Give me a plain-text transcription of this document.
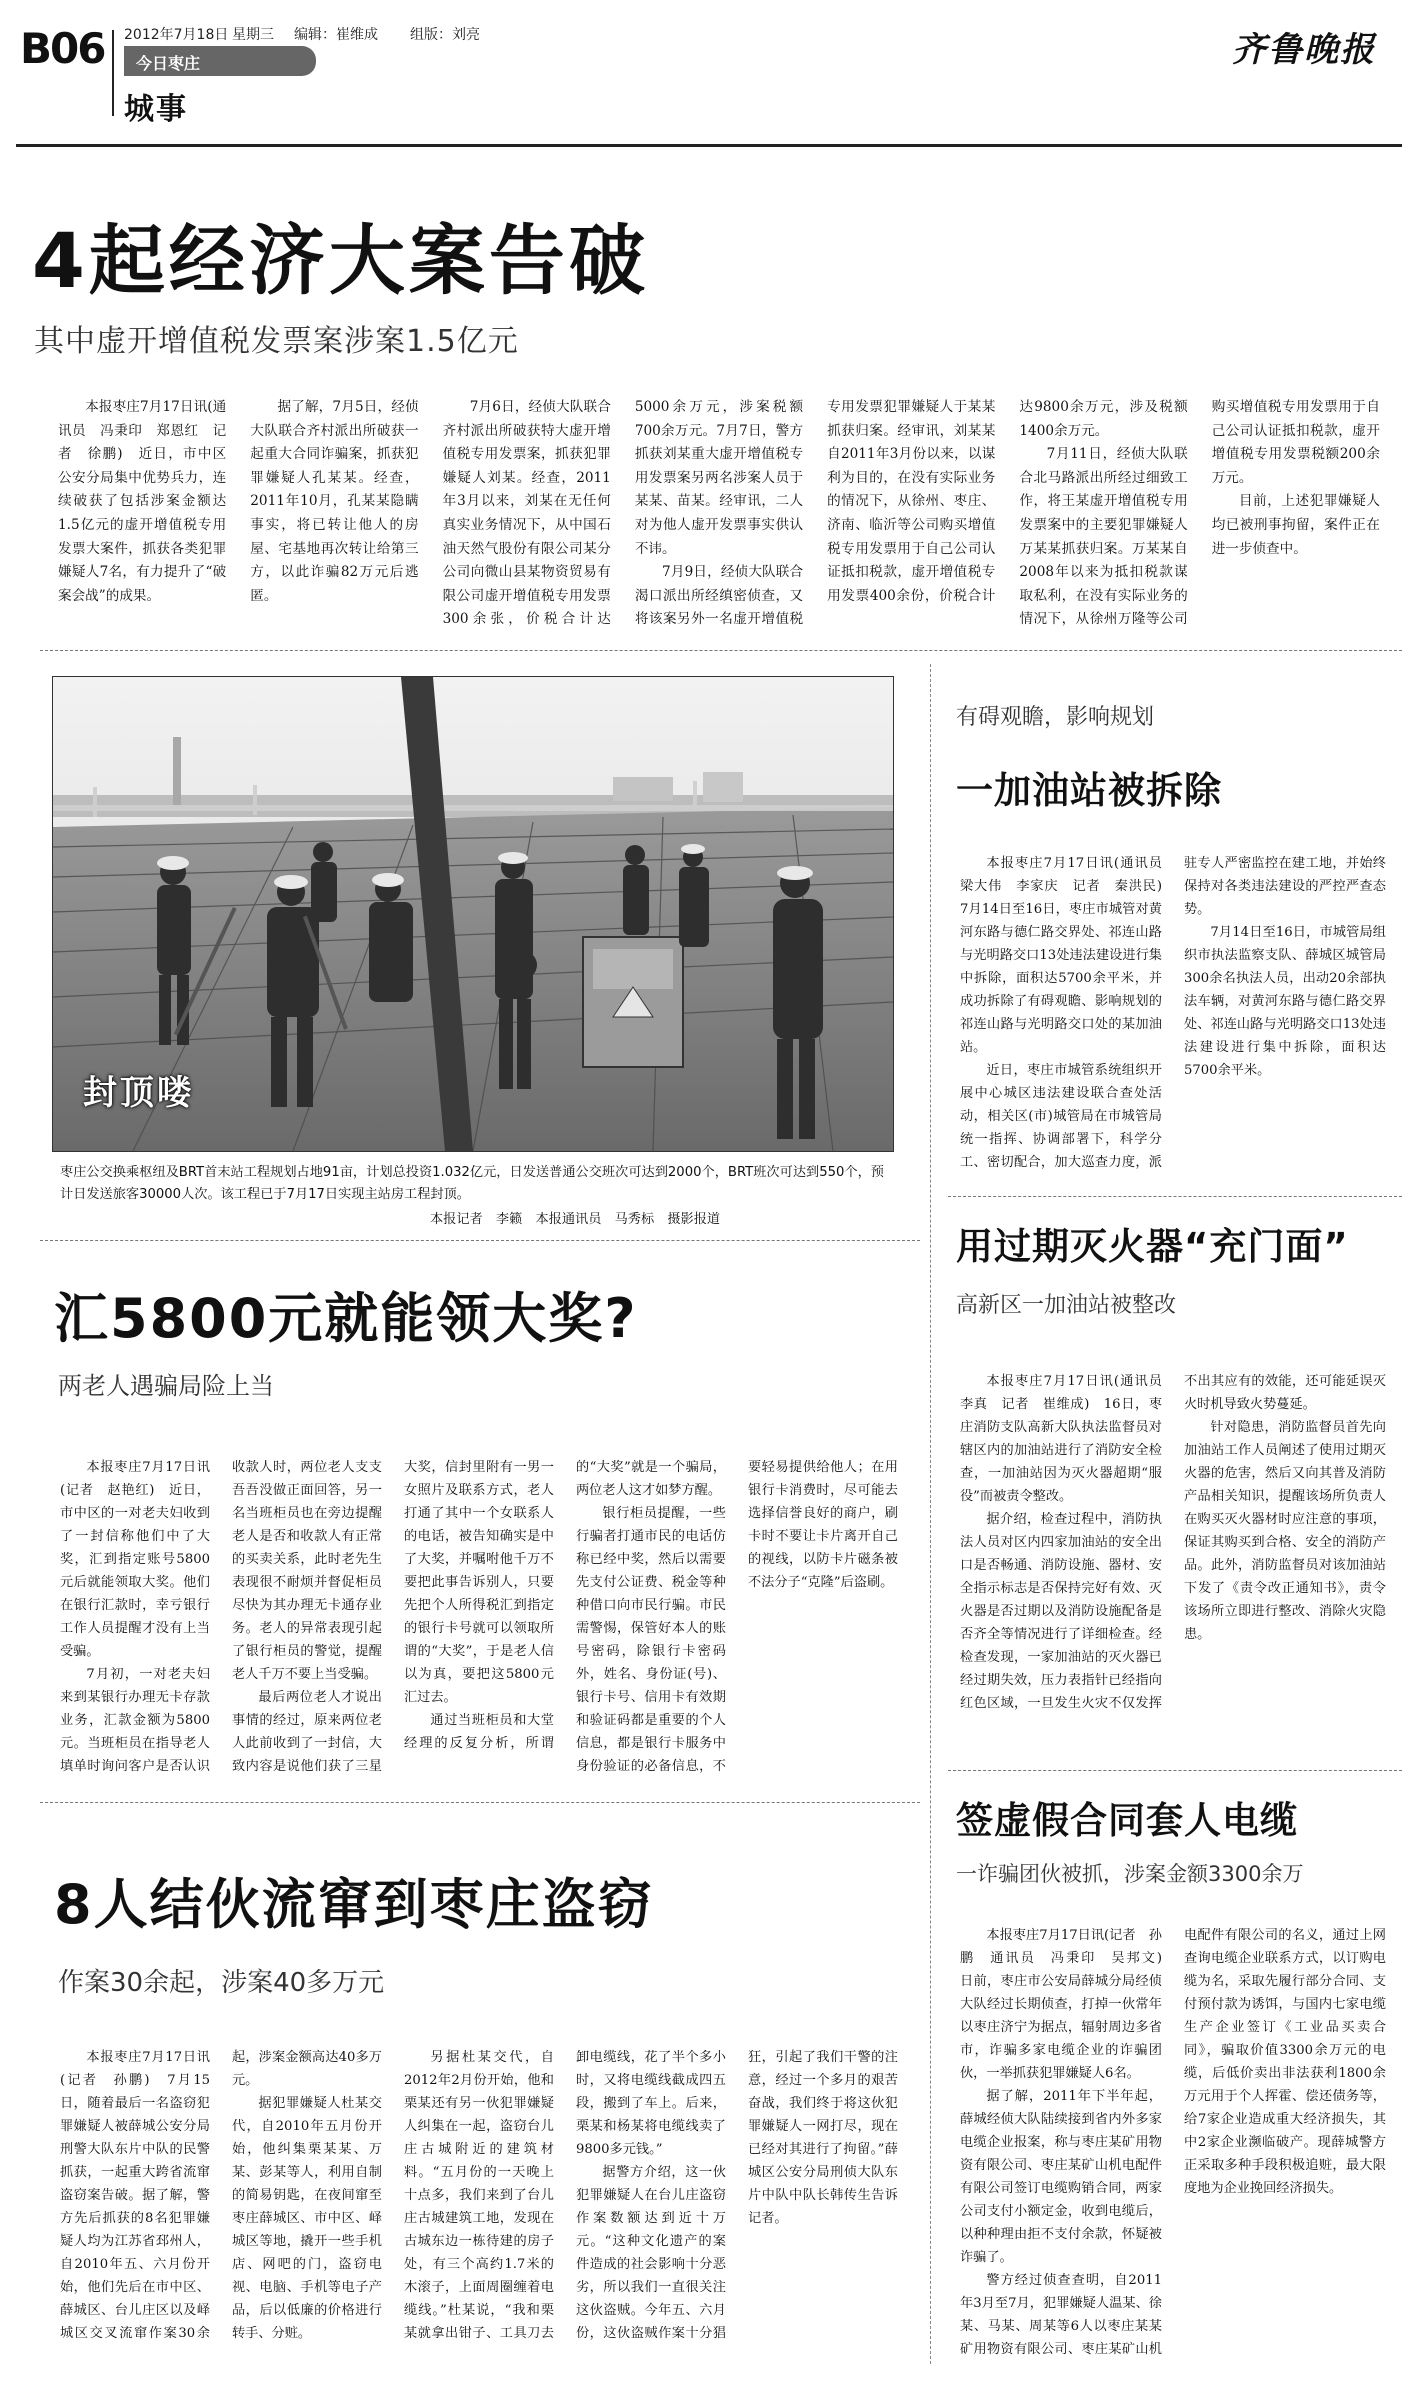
B06 2012年7月18日 星期三 编辑：崔维成 组版：刘亮
今日枣庄
城事
齐鲁晚报
4起经济大案告破
其中虚开增值税发票案涉案1.5亿元

本报枣庄7月17日讯(通讯员　冯秉印　郑恩红　记者　徐鹏)　近日，市中区公安分局集中优势兵力，连续破获了包括涉案金额达1.5亿元的虚开增值税专用发票大案件，抓获各类犯罪嫌疑人7名，有力提升了“破案会战”的成果。

据了解，7月5日，经侦大队联合齐村派出所破获一起重大合同诈骗案，抓获犯罪嫌疑人孔某某。经查，2011年10月，孔某某隐瞒事实，将已转让他人的房屋、宅基地再次转让给第三方，以此诈骗82万元后逃匿。

7月6日，经侦大队联合齐村派出所破获特大虚开增值税专用发票案，抓获犯罪嫌疑人刘某。经查，2011年3月以来，刘某在无任何真实业务情况下，从中国石油天然气股份有限公司某分公司向微山县某物资贸易有限公司虚开增值税专用发票300余张，价税合计达5000余万元，涉案税额700余万元。7月7日，警方抓获刘某重大虚开增值税专用发票案另两名涉案人员于某某、苗某。经审讯，二人对为他人虚开发票事实供认不讳。

7月9日，经侦大队联合渴口派出所经缜密侦查，又将该案另外一名虚开增值税专用发票犯罪嫌疑人于某某抓获归案。经审讯，刘某某自2011年3月份以来，以谋利为目的，在没有实际业务的情况下，从徐州、枣庄、济南、临沂等公司购买增值税专用发票用于自己公司认证抵扣税款，虚开增值税专用发票400余份，价税合计达9800余万元，涉及税额1400余万元。

7月11日，经侦大队联合北马路派出所经过细致工作，将王某虚开增值税专用发票案中的主要犯罪嫌疑人万某某抓获归案。万某某自2008年以来为抵扣税款谋取私利，在没有实际业务的情况下，从徐州万隆等公司购买增值税专用发票用于自己公司认证抵扣税款，虚开增值税专用发票税额200余万元。

目前，上述犯罪嫌疑人均已被刑事拘留，案件正在进一步侦查中。

封顶喽
枣庄公交换乘枢纽及BRT首末站工程规划占地91亩，计划总投资1.032亿元，日发送普通公交班次可达到2000个，BRT班次可达到550个，预计日发送旅客30000人次。该工程已于7月17日实现主站房工程封顶。
本报记者　李籁　本报通讯员　马秀标　摄影报道
有碍观瞻，影响规划
一加油站被拆除

本报枣庄7月17日讯(通讯员　梁大伟　李家庆　记者　秦洪民)　7月14日至16日，枣庄市城管对黄河东路与德仁路交界处、祁连山路与光明路交口13处违法建设进行集中拆除，面积达5700余平米，并成功拆除了有碍观瞻、影响规划的祁连山路与光明路交口处的某加油站。

近日，枣庄市城管系统组织开展中心城区违法建设联合查处活动，相关区(市)城管局在市城管局统一指挥、协调部署下，科学分工、密切配合，加大巡查力度，派驻专人严密监控在建工地，并始终保持对各类违法建设的严控严查态势。

7月14日至16日，市城管局组织市执法监察支队、薛城区城管局300余名执法人员，出动20余部执法车辆，对黄河东路与德仁路交界处、祁连山路与光明路交口13处违法建设进行集中拆除，面积达5700余平米。

用过期灭火器“充门面”
高新区一加油站被整改

本报枣庄7月17日讯(通讯员　李真　记者　崔维成)　16日，枣庄消防支队高新大队执法监督员对辖区内的加油站进行了消防安全检查，一加油站因为灭火器超期“服役”而被责令整改。

据介绍，检查过程中，消防执法人员对区内四家加油站的安全出口是否畅通、消防设施、器材、安全指示标志是否保持完好有效、灭火器是否过期以及消防设施配备是否齐全等情况进行了详细检查。经检查发现，一家加油站的灭火器已经过期失效，压力表指针已经指向红色区域，一旦发生火灾不仅发挥不出其应有的效能，还可能延误灭火时机导致火势蔓延。

针对隐患，消防监督员首先向加油站工作人员阐述了使用过期灭火器的危害，然后又向其普及消防产品相关知识，提醒该场所负责人在购买灭火器材时应注意的事项，保证其购买到合格、安全的消防产品。此外，消防监督员对该加油站下发了《责令改正通知书》，责令该场所立即进行整改、消除火灾隐患。

汇5800元就能领大奖?
两老人遇骗局险上当

本报枣庄7月17日讯(记者　赵艳红)　近日，市中区的一对老夫妇收到了一封信称他们中了大奖，汇到指定账号5800元后就能领取大奖。他们在银行汇款时，幸亏银行工作人员提醒才没有上当受骗。

7月初，一对老夫妇来到某银行办理无卡存款业务，汇款金额为5800元。当班柜员在指导老人填单时询问客户是否认识收款人时，两位老人支支吾吾没做正面回答，另一名当班柜员也在旁边提醒老人是否和收款人有正常的买卖关系，此时老先生表现很不耐烦并督促柜员尽快为其办理无卡通存业务。老人的异常表现引起了银行柜员的警觉，提醒老人千万不要上当受骗。

最后两位老人才说出事情的经过，原来两位老人此前收到了一封信，大致内容是说他们获了三星大奖，信封里附有一男一女照片及联系方式，老人打通了其中一个女联系人的电话，被告知确实是中了大奖，并嘱咐他千万不要把此事告诉别人，只要先把个人所得税汇到指定的银行卡号就可以领取所谓的“大奖”，于是老人信以为真，要把这5800元汇过去。

通过当班柜员和大堂经理的反复分析，所谓的“大奖”就是一个骗局，两位老人这才如梦方醒。

银行柜员提醒，一些行骗者打通市民的电话仿称已经中奖，然后以需要先支付公证费、税金等种种借口向市民行骗。市民需警惕，保管好本人的账号密码，除银行卡密码外，姓名、身份证(号)、银行卡号、信用卡有效期和验证码都是重要的个人信息，都是银行卡服务中身份验证的必备信息，不要轻易提供给他人；在用银行卡消费时，尽可能去选择信誉良好的商户，刷卡时不要让卡片离开自己的视线，以防卡片磁条被不法分子“克隆”后盗刷。

签虚假合同套人电缆
一诈骗团伙被抓，涉案金额3300余万

本报枣庄7月17日讯(记者　孙鹏　通讯员　冯秉印　吴邦文)　日前，枣庄市公安局薛城分局经侦大队经过长期侦查，打掉一伙常年以枣庄济宁为据点，辐射周边多省市，诈骗多家电缆企业的诈骗团伙，一举抓获犯罪嫌疑人6名。

据了解，2011年下半年起，薛城经侦大队陆续接到省内外多家电缆企业报案，称与枣庄某矿用物资有限公司、枣庄某矿山机电配件有限公司签订电缆购销合同，两家公司支付小额定金，收到电缆后，以种种理由拒不支付余款，怀疑被诈骗了。

警方经过侦查查明，自2011年3月至7月，犯罪嫌疑人温某、徐某、马某、周某等6人以枣庄某某矿用物资有限公司、枣庄某矿山机电配件有限公司的名义，通过上网查询电缆企业联系方式，以订购电缆为名，采取先履行部分合同、支付预付款为诱饵，与国内七家电缆生产企业签订《工业品买卖合同》，骗取价值3300余万元的电缆，后低价卖出非法获利1800余万元用于个人挥霍、偿还债务等，给7家企业造成重大经济损失，其中2家企业濒临破产。现薛城警方正采取多种手段积极追赃，最大限度地为企业挽回经济损失。

8人结伙流窜到枣庄盗窃
作案30余起，涉案40多万元

本报枣庄7月17日讯(记者　孙鹏)　7月15日，随着最后一名盗窃犯罪嫌疑人被薛城公安分局刑警大队东片中队的民警抓获，一起重大跨省流窜盗窃案告破。据了解，警方先后抓获的8名犯罪嫌疑人均为江苏省邳州人，自2010年五、六月份开始，他们先后在市中区、薛城区、台儿庄区以及峄城区交叉流窜作案30余起，涉案金额高达40多万元。

据犯罪嫌疑人杜某交代，自2010年五月份开始，他纠集栗某某、万某、彭某等人，利用自制的简易钥匙，在夜间窜至枣庄薛城区、市中区、峄城区等地，撬开一些手机店、网吧的门，盗窃电视、电脑、手机等电子产品，后以低廉的价格进行转手、分赃。

另据杜某交代，自2012年2月份开始，他和栗某还有另一伙犯罪嫌疑人纠集在一起，盗窃台儿庄古城附近的建筑材料。“五月份的一天晚上十点多，我们来到了台儿庄古城建筑工地，发现在古城东边一栋待建的房子处，有三个高约1.7米的木滚子，上面周圈缠着电缆线。”杜某说，“我和栗某就拿出钳子、工具刀去卸电缆线，花了半个多小时，又将电缆线截成四五段，搬到了车上。后来，栗某和杨某将电缆线卖了9800多元钱。”

据警方介绍，这一伙犯罪嫌疑人在台儿庄盗窃作案数额达到近十万元。“这种文化遗产的案件造成的社会影响十分恶劣，所以我们一直很关注这伙盗贼。今年五、六月份，这伙盗贼作案十分猖狂，引起了我们干警的注意，经过一个多月的艰苦奋战，我们终于将这伙犯罪嫌疑人一网打尽，现在已经对其进行了拘留。”薛城区公安分局刑侦大队东片中队中队长韩传生告诉记者。
